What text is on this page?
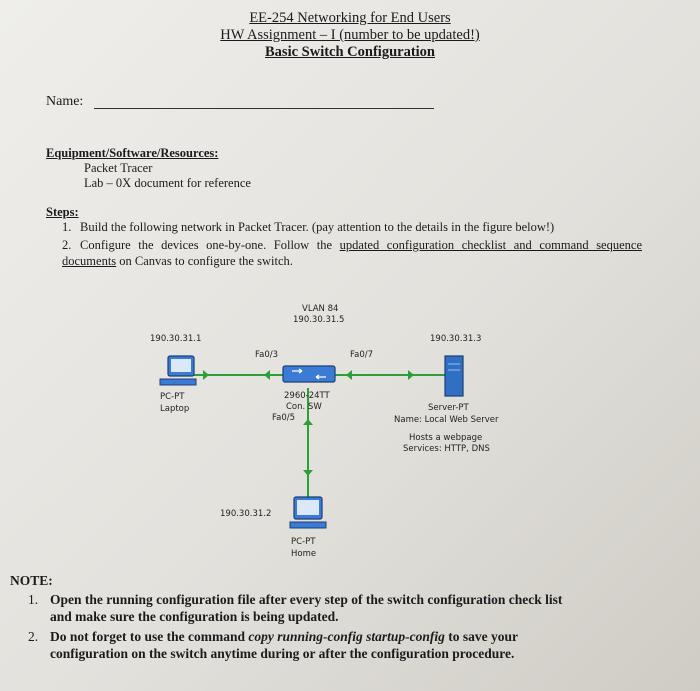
EE-254 Networking for End Users
HW Assignment – I (number to be updated!)
Basic Switch Configuration
Name:
Equipment/Software/Resources:
Packet Tracer
Lab – 0X document for reference
Steps:
1. Build the following network in Packet Tracer. (pay attention to the details in the figure below!)
2. Configure the devices one-by-one. Follow the updated configuration checklist and command sequence documents on Canvas to configure the switch.
190.30.31.1
PC-PT
Laptop
VLAN 84
190.30.31.5
Fa0/3	Fa0/7
2960-24TT
Con. SW
Fa0/5
190.30.31.3
Server-PT
Name: Local Web Server
Hosts a webpage
Services: HTTP, DNS
190.30.31.2
PC-PT
Home
NOTE:
1. Open the running configuration file after every step of the switch configuration check list
and make sure the configuration is being updated.
2. Do not forget to use the command copy running-config startup-config to save your
configuration on the switch anytime during or after the configuration procedure.
